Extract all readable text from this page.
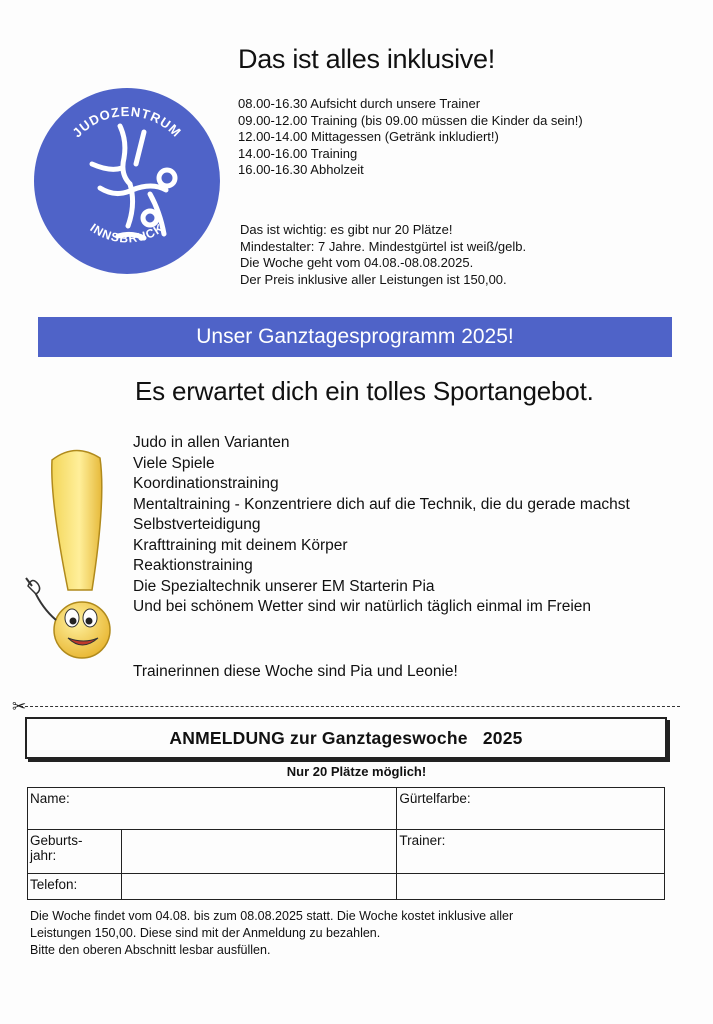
JUDOZENTRUM
INNSBRUCK
Das ist alles inklusive!
08.00-16.30 Aufsicht durch unsere Trainer
09.00-12.00 Training (bis 09.00 müssen die Kinder da sein!)
12.00-14.00 Mittagessen (Getränk inkludiert!)
14.00-16.00 Training
16.00-16.30 Abholzeit
Das ist wichtig: es gibt nur 20 Plätze!
Mindestalter: 7 Jahre. Mindestgürtel ist weiß/gelb.
Die Woche geht vom 04.08.-08.08.2025.
Der Preis inklusive aller Leistungen ist 150,00.
Unser Ganztagesprogramm 2025!
Es erwartet dich ein tolles Sportangebot.
Judo in allen Varianten
Viele Spiele
Koordinationstraining
Mentaltraining - Konzentriere dich auf die Technik, die du gerade machst
Selbstverteidigung
Krafttraining mit deinem Körper
Reaktionstraining
Die Spezialtechnik unserer EM Starterin Pia
Und bei schönem Wetter sind wir natürlich täglich einmal im Freien
Trainerinnen diese Woche sind Pia und Leonie!
✂
ANMELDUNG zur Ganztageswoche   2025
Nur 20 Plätze möglich!
Name:		Gürtelfarbe:

Geburts-
jahr:		Trainer:
Telefon:		
Die Woche findet vom 04.08. bis zum 08.08.2025 statt. Die Woche kostet inklusive aller
Leistungen 150,00. Diese sind mit der Anmeldung zu bezahlen.
Bitte den oberen Abschnitt lesbar ausfüllen.
